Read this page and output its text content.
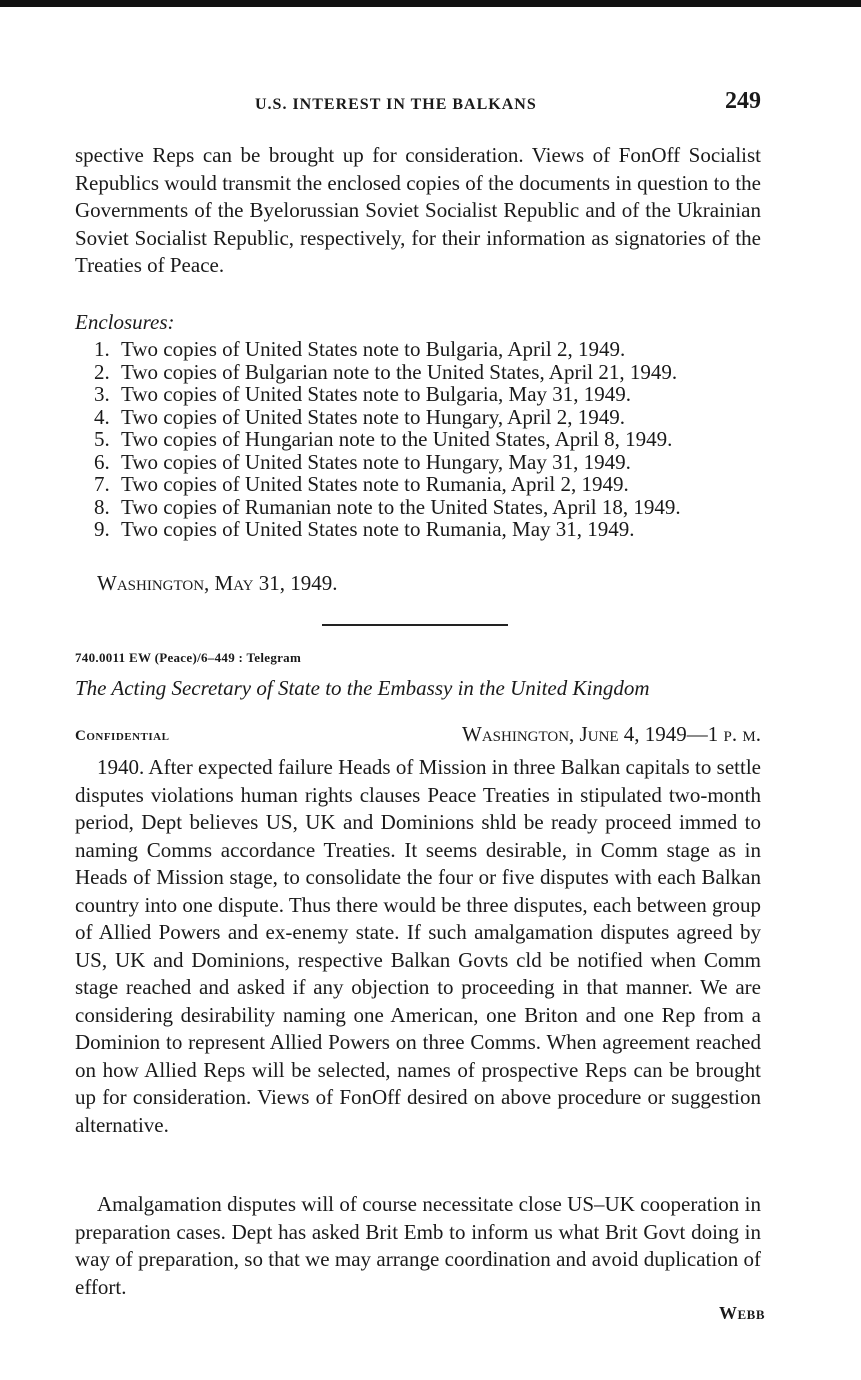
U.S. INTEREST IN THE BALKANS	249

spective Reps can be brought up for consideration. Views of FonOff Socialist Republics would transmit the enclosed copies of the documents in question to the Governments of the Byelorussian Soviet Socialist Republic and of the Ukrainian Soviet Socialist Republic, respectively, for their information as signatories of the Treaties of Peace.

Enclosures:
1. Two copies of United States note to Bulgaria, April 2, 1949.
2. Two copies of Bulgarian note to the United States, April 21, 1949.
3. Two copies of United States note to Bulgaria, May 31, 1949.
4. Two copies of United States note to Hungary, April 2, 1949.
5. Two copies of Hungarian note to the United States, April 8, 1949.
6. Two copies of United States note to Hungary, May 31, 1949.
7. Two copies of United States note to Rumania, April 2, 1949.
8. Two copies of Rumanian note to the United States, April 18, 1949.
9. Two copies of United States note to Rumania, May 31, 1949.
Washington, May 31, 1949.
740.0011 EW (Peace)/6–449 : Telegram
The Acting Secretary of State to the Embassy in the United Kingdom
Confidential	Washington, June 4, 1949—1 p. m.

1940. After expected failure Heads of Mission in three Balkan capitals to settle disputes violations human rights clauses Peace Treaties in stipulated two-month period, Dept believes US, UK and Dominions shld be ready proceed immed to naming Comms accordance Treaties. It seems desirable, in Comm stage as in Heads of Mission stage, to consolidate the four or five disputes with each Balkan country into one dispute. Thus there would be three disputes, each between group of Allied Powers and ex-enemy state. If such amalgamation disputes agreed by US, UK and Dominions, respective Balkan Govts cld be notified when Comm stage reached and asked if any objection to proceeding in that manner. We are considering desirability naming one American, one Briton and one Rep from a Dominion to represent Allied Powers on three Comms. When agreement reached on how Allied Reps will be selected, names of prospective Reps can be brought up for consideration. Views of FonOff desired on above procedure or suggestion alternative.

Amalgamation disputes will of course necessitate close US–UK cooperation in preparation cases. Dept has asked Brit Emb to inform us what Brit Govt doing in way of preparation, so that we may arrange coordination and avoid duplication of effort.

Webb
